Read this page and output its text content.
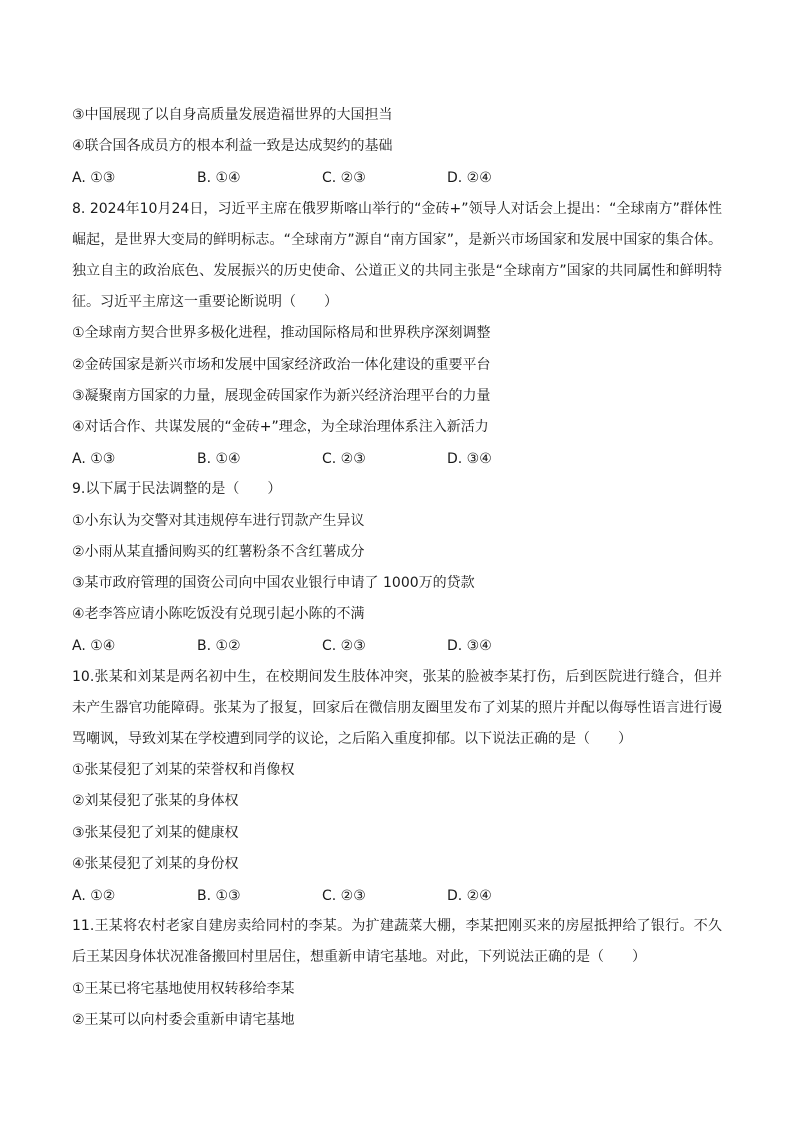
③中国展现了以自身高质量发展造福世界的大国担当
④联合国各成员方的根本利益一致是达成契约的基础
A. ①③	B. ①④	C. ②③	D. ②④
8. 2024年10月24日，习近平主席在俄罗斯喀山举行的“金砖+”领导人对话会上提出：“全球南方”群体性崛起，是世界大变局的鲜明标志。“全球南方”源自“南方国家”，是新兴市场国家和发展中国家的集合体。独立自主的政治底色、发展振兴的历史使命、公道正义的共同主张是“全球南方”国家的共同属性和鲜明特征。习近平主席这一重要论断说明（　　）
①全球南方契合世界多极化进程，推动国际格局和世界秩序深刻调整
②金砖国家是新兴市场和发展中国家经济政治一体化建设的重要平台
③凝聚南方国家的力量，展现金砖国家作为新兴经济治理平台的力量
④对话合作、共谋发展的“金砖+”理念，为全球治理体系注入新活力
A. ①③	B. ①④	C. ②③	D. ③④
9.以下属于民法调整的是（　　）
①小东认为交警对其违规停车进行罚款产生异议
②小雨从某直播间购买的红薯粉条不含红薯成分
③某市政府管理的国资公司向中国农业银行申请了 1000万的贷款
④老李答应请小陈吃饭没有兑现引起小陈的不满
A. ①④	B. ①②	C. ②③	D. ③④
10.张某和刘某是两名初中生，在校期间发生肢体冲突，张某的脸被李某打伤，后到医院进行缝合，但并未产生器官功能障碍。张某为了报复，回家后在微信朋友圈里发布了刘某的照片并配以侮辱性语言进行谩骂嘲讽，导致刘某在学校遭到同学的议论，之后陷入重度抑郁。以下说法正确的是（　　）
①张某侵犯了刘某的荣誉权和肖像权
②刘某侵犯了张某的身体权
③张某侵犯了刘某的健康权
④张某侵犯了刘某的身份权
A. ①②	B. ①③	C. ②③	D. ②④
11.王某将农村老家自建房卖给同村的李某。为扩建蔬菜大棚，李某把刚买来的房屋抵押给了银行。不久后王某因身体状况准备搬回村里居住，想重新申请宅基地。对此，下列说法正确的是（　　）
①王某已将宅基地使用权转移给李某
②王某可以向村委会重新申请宅基地
